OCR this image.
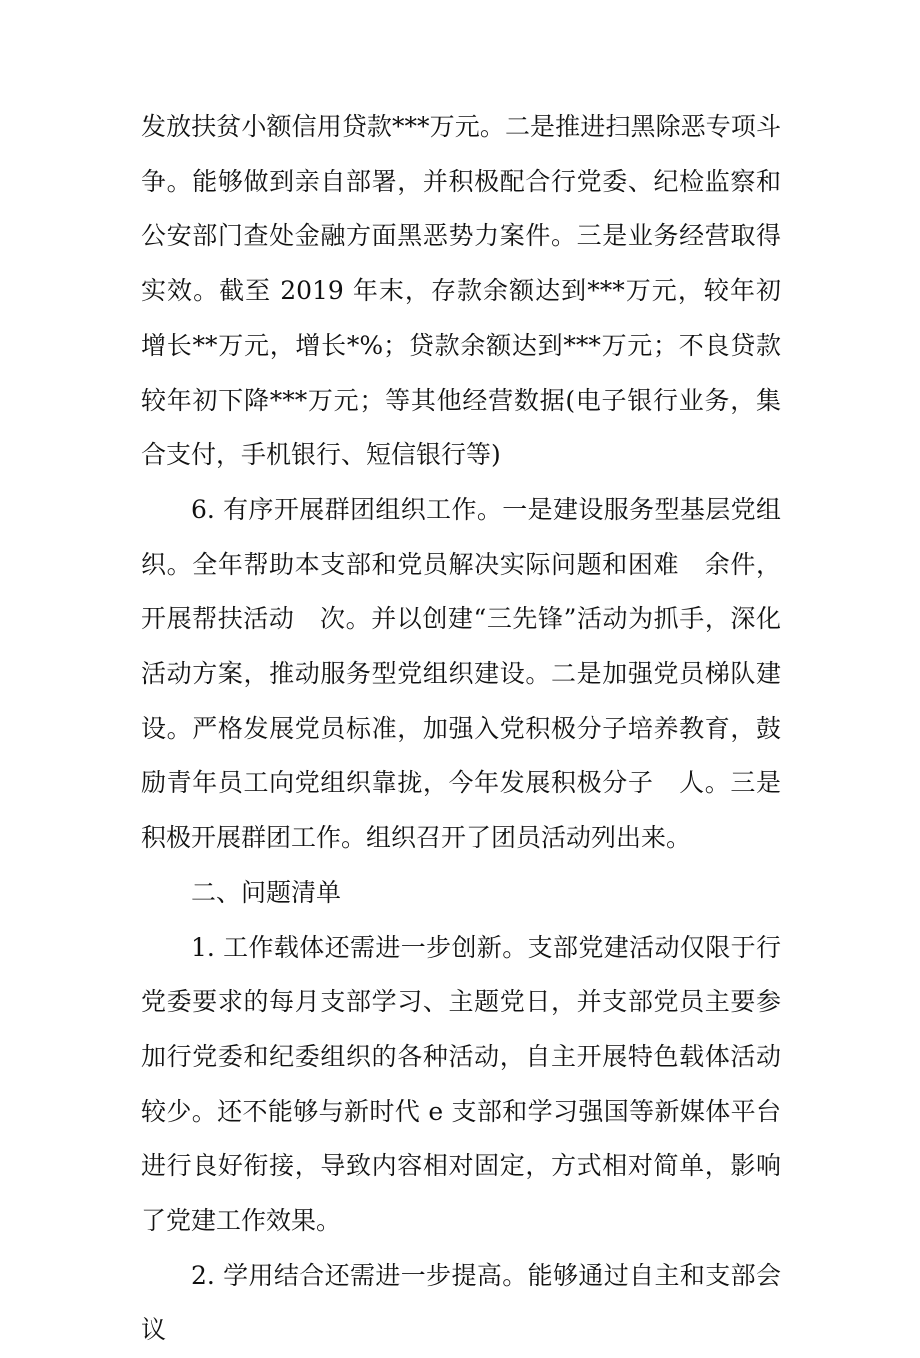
发放扶贫小额信用贷款***万元。二是推进扫黑除恶专项斗争。能够做到亲自部署，并积极配合行党委、纪检监察和公安部门查处金融方面黑恶势力案件。三是业务经营取得实效。截至 2019 年末，存款余额达到***万元，较年初增长**万元，增长*%；贷款余额达到***万元；不良贷款较年初下降***万元；等其他经营数据(电子银行业务，集合支付，手机银行、短信银行等)

6. 有序开展群团组织工作。一是建设服务型基层党组织。全年帮助本支部和党员解决实际问题和困难　余件，开展帮扶活动　次。并以创建“三先锋”活动为抓手，深化活动方案，推动服务型党组织建设。二是加强党员梯队建设。严格发展党员标准，加强入党积极分子培养教育，鼓励青年员工向党组织靠拢，今年发展积极分子　人。三是积极开展群团工作。组织召开了团员活动列出来。

二、问题清单

1. 工作载体还需进一步创新。支部党建活动仅限于行党委要求的每月支部学习、主题党日，并支部党员主要参加行党委和纪委组织的各种活动，自主开展特色载体活动较少。还不能够与新时代 e 支部和学习强国等新媒体平台进行良好衔接，导致内容相对固定，方式相对简单，影响了党建工作效果。

2. 学用结合还需进一步提高。能够通过自主和支部会议
